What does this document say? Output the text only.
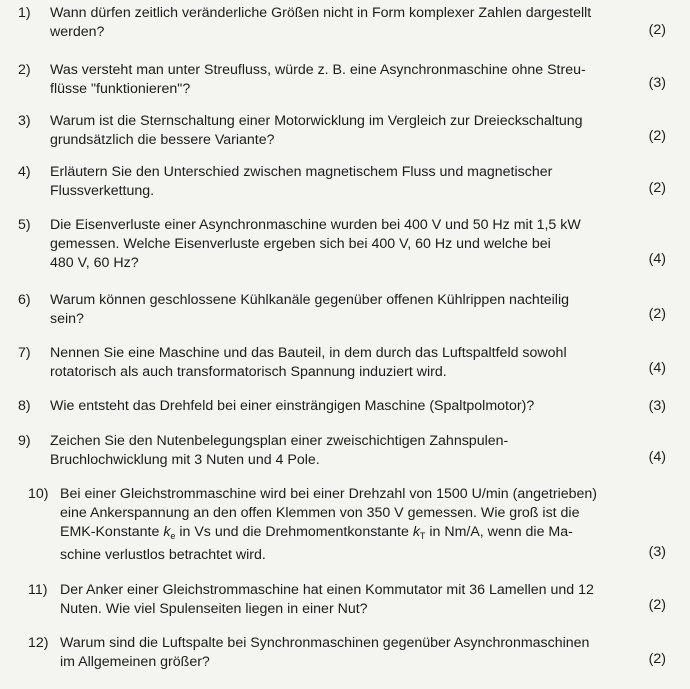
1) Wann dürfen zeitlich veränderliche Größen nicht in Form komplexer Zahlen dargestellt
werden?	(2)
2) Was versteht man unter Streufluss, würde z. B. eine Asynchronmaschine ohne Streu-
flüsse "funktionieren"?	(3)
3) Warum ist die Sternschaltung einer Motorwicklung im Vergleich zur Dreieckschaltung
grundsätzlich die bessere Variante?	(2)
4) Erläutern Sie den Unterschied zwischen magnetischem Fluss und magnetischer
Flussverkettung.	(2)
5) Die Eisenverluste einer Asynchronmaschine wurden bei 400 V und 50 Hz mit 1,5 kW
gemessen. Welche Eisenverluste ergeben sich bei 400 V, 60 Hz und welche bei
480 V, 60 Hz?	(4)
6) Warum können geschlossene Kühlkanäle gegenüber offenen Kühlrippen nachteilig
sein?	(2)
7) Nennen Sie eine Maschine und das Bauteil, in dem durch das Luftspaltfeld sowohl
rotatorisch als auch transformatorisch Spannung induziert wird.	(4)
8) Wie entsteht das Drehfeld bei einer einsträngigen Maschine (Spaltpolmotor)?	(3)
9) Zeichen Sie den Nutenbelegungsplan einer zweischichtigen Zahnspulen-
Bruchlochwicklung mit 3 Nuten und 4 Pole.	(4)
10) Bei einer Gleichstrommaschine wird bei einer Drehzahl von 1500 U/min (angetrieben)
eine Ankerspannung an den offen Klemmen von 350 V gemessen. Wie groß ist die
EMK-Konstante $k_e$ in Vs und die Drehmomentkonstante $k_T$ in Nm/A, wenn die Ma-
schine verlustlos betrachtet wird.	(3)
11) Der Anker einer Gleichstrommaschine hat einen Kommutator mit 36 Lamellen und 12
Nuten. Wie viel Spulenseiten liegen in einer Nut?	(2)
12) Warum sind die Luftspalte bei Synchronmaschinen gegenüber Asynchronmaschinen
im Allgemeinen größer?	(2)
